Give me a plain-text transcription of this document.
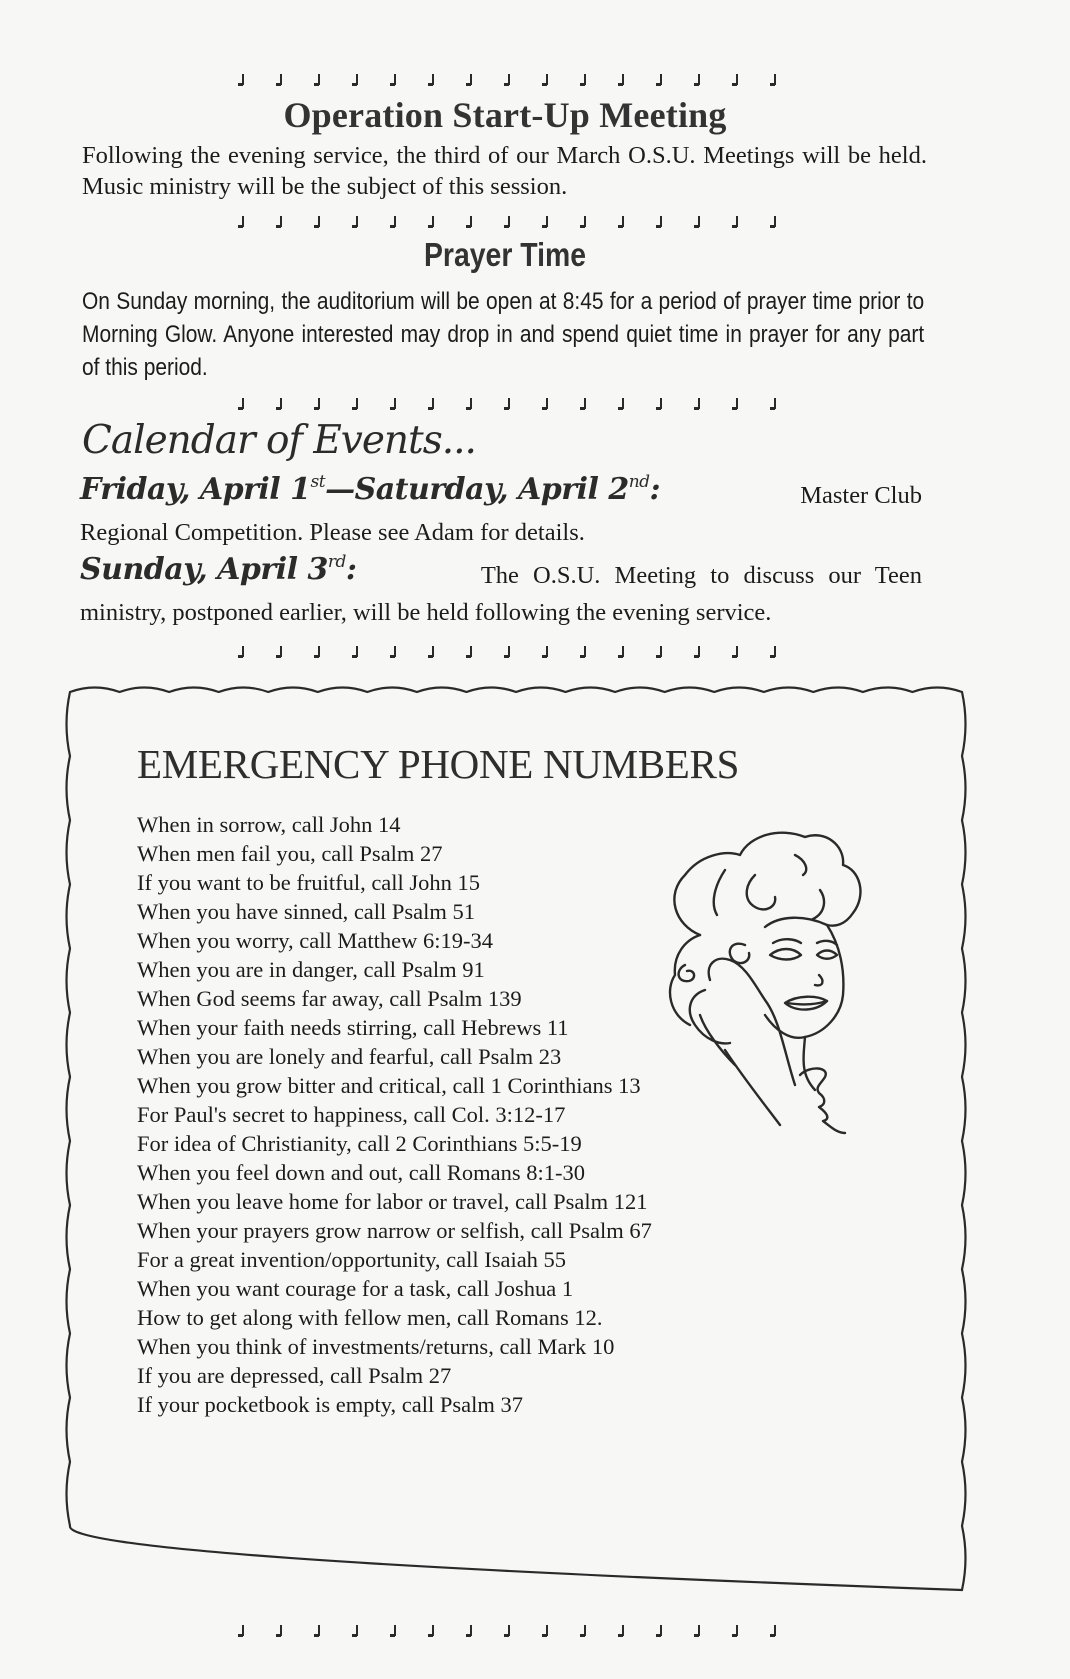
Operation Start-Up Meeting
Following the evening service, the third of our March O.S.U. Meetings will be held. Music ministry will be the subject of this session.
Prayer Time
On Sunday morning, the auditorium will be open at 8:45 for a period of prayer time prior to Morning Glow. Anyone interested may drop in and spend quiet time in prayer for any part of this period.
Calendar of Events...
Friday, April 1st—Saturday, April 2nd:	Master Club
Regional Competition. Please see Adam for details.
Sunday, April 3rd:	The O.S.U. Meeting to discuss our Teen
ministry, postponed earlier, will be held following the evening service.
EMERGENCY PHONE NUMBERS
When in sorrow, call John 14
When men fail you, call Psalm 27
If you want to be fruitful, call John 15
When you have sinned, call Psalm 51
When you worry, call Matthew 6:19-34
When you are in danger, call Psalm 91
When God seems far away, call Psalm 139
When your faith needs stirring, call Hebrews 11
When you are lonely and fearful, call Psalm 23
When you grow bitter and critical, call 1 Corinthians 13
For Paul's secret to happiness, call Col. 3:12-17
For idea of Christianity, call 2 Corinthians 5:5-19
When you feel down and out, call Romans 8:1-30
When you leave home for labor or travel, call Psalm 121
When your prayers grow narrow or selfish, call Psalm 67
For a great invention/opportunity, call Isaiah 55
When you want courage for a task, call Joshua 1
How to get along with fellow men, call Romans 12.
When you think of investments/returns, call Mark 10
If you are depressed, call Psalm 27
If your pocketbook is empty, call Psalm 37
